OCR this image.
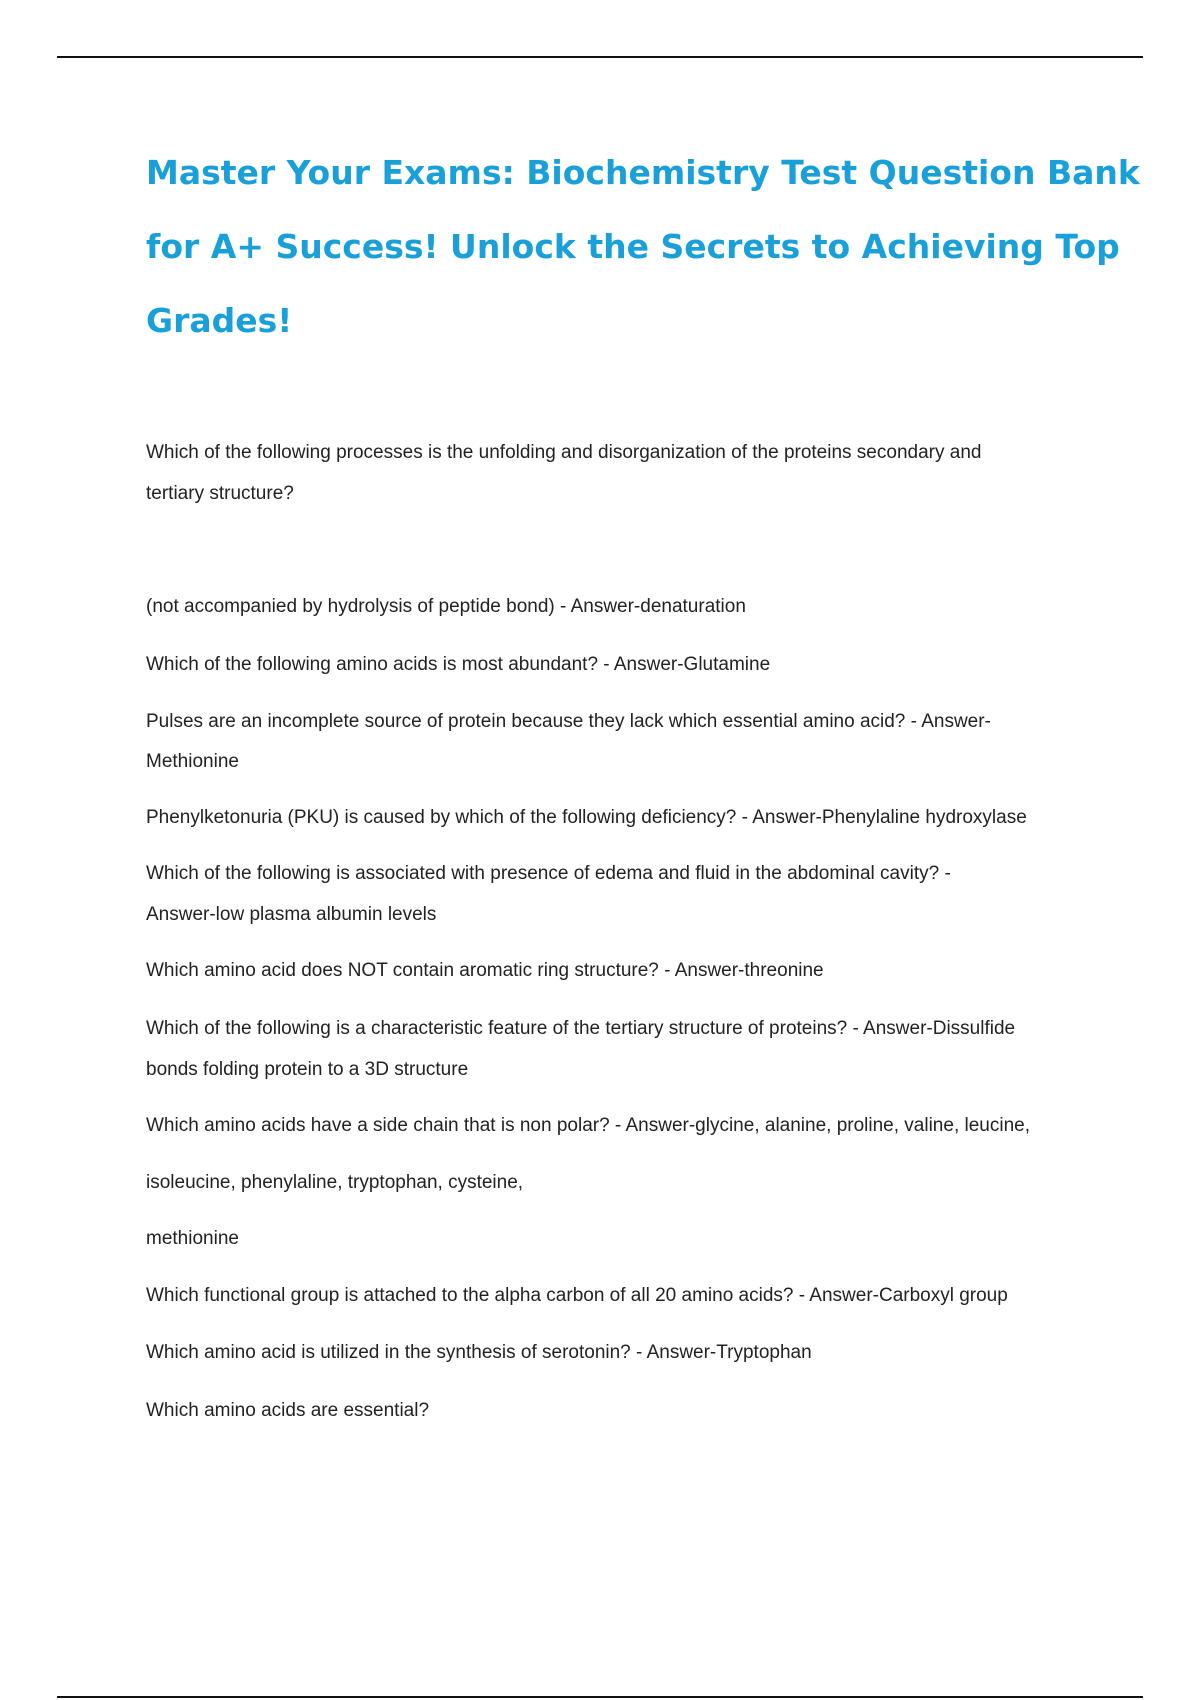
Master Your Exams: Biochemistry Test Question Bank
for A+ Success! Unlock the Secrets to Achieving Top
Grades!
Which of the following processes is the unfolding and disorganization of the proteins secondary and
tertiary structure?
(not accompanied by hydrolysis of peptide bond) - Answer-denaturation
Which of the following amino acids is most abundant? - Answer-Glutamine
Pulses are an incomplete source of protein because they lack which essential amino acid? - Answer-
Methionine
Phenylketonuria (PKU) is caused by which of the following deficiency? - Answer-Phenylaline hydroxylase
Which of the following is associated with presence of edema and fluid in the abdominal cavity? -
Answer-low plasma albumin levels
Which amino acid does NOT contain aromatic ring structure? - Answer-threonine
Which of the following is a characteristic feature of the tertiary structure of proteins? - Answer-Dissulfide
bonds folding protein to a 3D structure
Which amino acids have a side chain that is non polar? - Answer-glycine, alanine, proline, valine, leucine,
isoleucine, phenylaline, tryptophan, cysteine,
methionine
Which functional group is attached to the alpha carbon of all 20 amino acids? - Answer-Carboxyl group
Which amino acid is utilized in the synthesis of serotonin? - Answer-Tryptophan
Which amino acids are essential?
